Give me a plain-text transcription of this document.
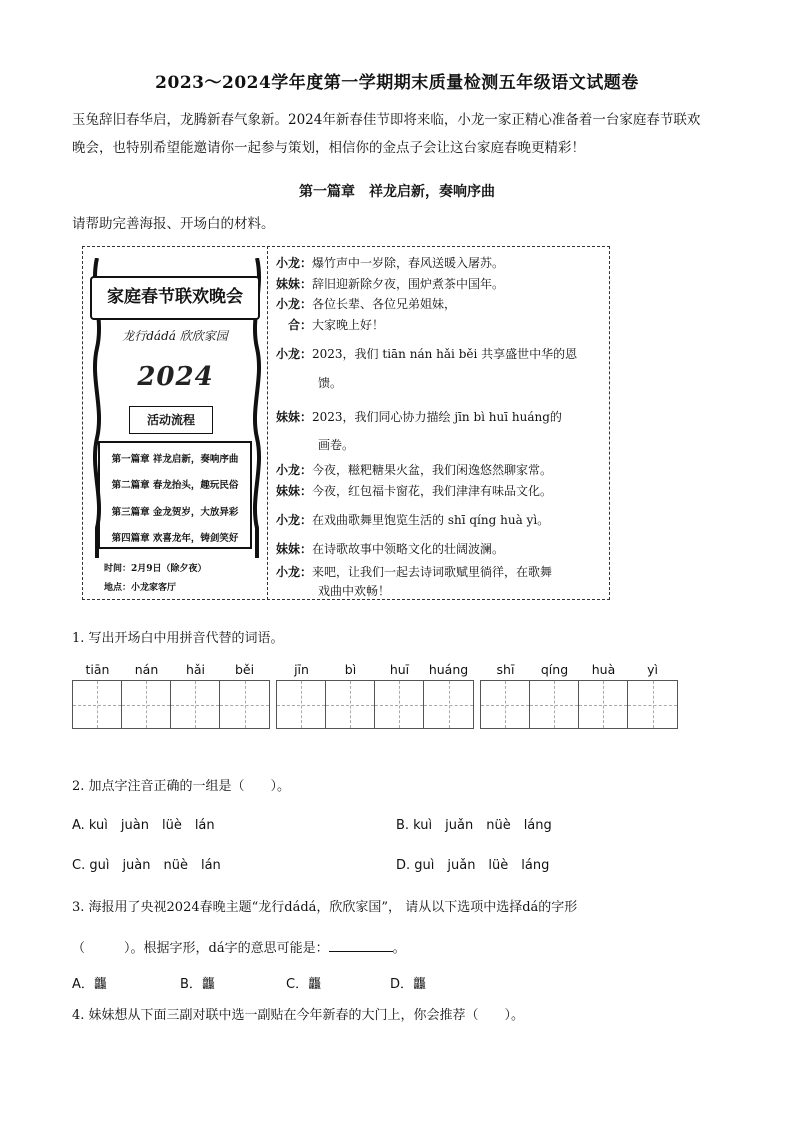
2023～2024学年度第一学期期末质量检测五年级语文试题卷
玉兔辞旧春华启，龙腾新春气象新。2024年新春佳节即将来临，小龙一家正精心准备着一台家庭春节联欢
晚会，也特别希望能邀请你一起参与策划，相信你的金点子会让这台家庭春晚更精彩！
第一篇章　祥龙启新，奏响序曲
请帮助完善海报、开场白的材料。
家庭春节联欢晚会
龙行dádá 欣欣家园
2024
活动流程
第一篇章 祥龙启新，奏响序曲
第二篇章 春龙抬头，趣玩民俗
第三篇章 金龙贺岁，大放异彩
第四篇章 欢喜龙年，铸剑笑好
时间：2月9日（除夕夜）
地点：小龙家客厅
小龙：爆竹声中一岁除，春风送暖入屠苏。
妹妹：辞旧迎新除夕夜，围炉煮茶中国年。
小龙：各位长辈、各位兄弟姐妹，
　合：大家晚上好！
小龙：2023，我们 tiān nán hǎi běi 共享盛世中华的恩
馈。
妹妹：2023，我们同心协力描绘 jīn bì huī huáng的
画卷。
小龙：今夜，糍粑糖果火盆，我们闲逸悠然聊家常。
妹妹：今夜，红包福卡窗花，我们津津有味品文化。
小龙：在戏曲歌舞里饱览生活的 shī qíng huà yì。
妹妹：在诗歌故事中领略文化的壮阔波澜。
小龙：来吧，让我们一起去诗词歌赋里徜徉，在歌舞
戏曲中欢畅！
1. 写出开场白中用拼音代替的词语。
tiān	nán	hǎi	běi	jīn	bì	huī	huáng	shī	qíng	huà	yì
2. 加点字注音正确的一组是（　　）。
A. kuì　juàn　lüè　lán	B. kuì　juǎn　nüè　láng
C. guì　juàn　nüè　lán	D. guì　juǎn　lüè　láng
3. 海报用了央视2024春晚主题“龙行dádá，欣欣家国”， 请从以下选项中选择dá的字形
（　　　）。根据字形，dá字的意思可能是：	。
A．龘	B．龘	C．龘	D．龘
4. 妹妹想从下面三副对联中选一副贴在今年新春的大门上，你会推荐（　　）。
